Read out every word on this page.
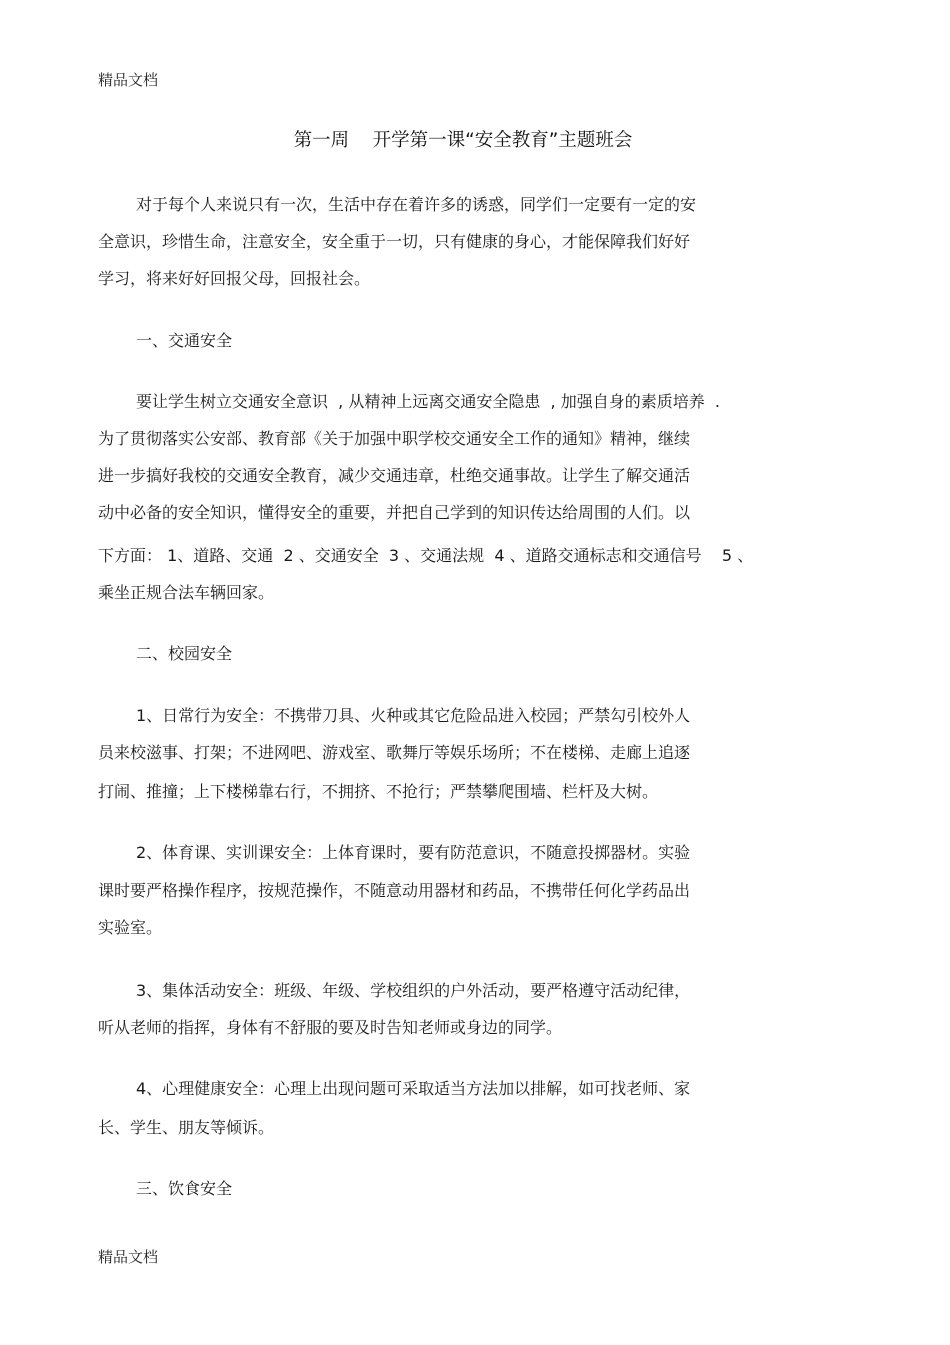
精品文档
第一周    开学第一课“安全教育”主题班会
对于每个人来说只有一次，生活中存在着许多的诱惑，同学们一定要有一定的安
全意识，珍惜生命，注意安全，安全重于一切，只有健康的身心，才能保障我们好好
学习，将来好好回报父母，回报社会。
一、交通安全
要让学生树立交通安全意识  , 从精神上远离交通安全隐患  , 加强自身的素质培养  .
为了贯彻落实公安部、教育部《关于加强中职学校交通安全工作的通知》精神，继续
进一步搞好我校的交通安全教育，减少交通违章，杜绝交通事故。让学生了解交通活
动中必备的安全知识，懂得安全的重要，并把自己学到的知识传达给周围的人们。以
下方面： 1、道路、交通  2 、交通安全  3 、交通法规  4 、道路交通标志和交通信号    5 、
乘坐正规合法车辆回家。
二、校园安全
1、日常行为安全：不携带刀具、火种或其它危险品进入校园；严禁勾引校外人
员来校滋事、打架；不进网吧、游戏室、歌舞厅等娱乐场所；不在楼梯、走廊上追逐
打闹、推撞；上下楼梯靠右行，不拥挤、不抢行；严禁攀爬围墙、栏杆及大树。
2、体育课、实训课安全：上体育课时，要有防范意识，不随意投掷器材。实验
课时要严格操作程序，按规范操作，不随意动用器材和药品，不携带任何化学药品出
实验室。
3、集体活动安全：班级、年级、学校组织的户外活动，要严格遵守活动纪律，
听从老师的指挥，身体有不舒服的要及时告知老师或身边的同学。
4、心理健康安全：心理上出现问题可采取适当方法加以排解，如可找老师、家
长、学生、朋友等倾诉。
三、饮食安全
精品文档
